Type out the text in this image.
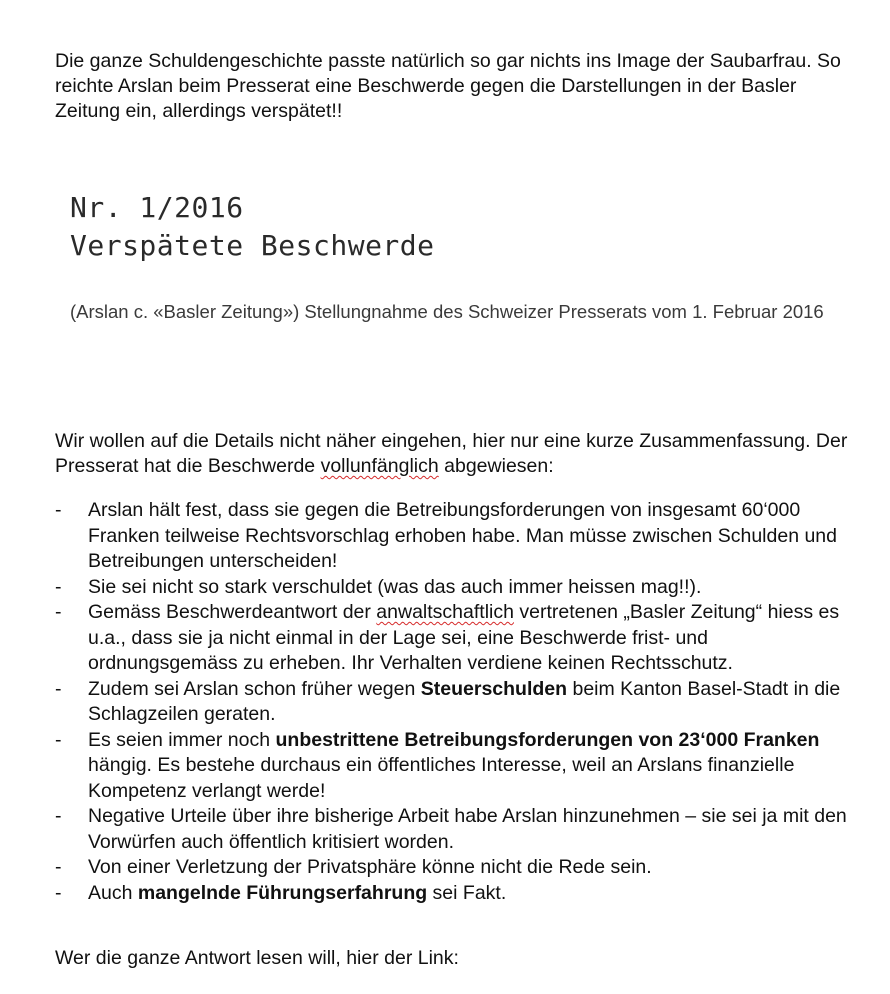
Die ganze Schuldengeschichte passte natürlich so gar nichts ins Image der Saubarfrau. So reichte Arslan beim Presserat eine Beschwerde gegen die Darstellungen in der Basler Zeitung ein, allerdings verspätet!!

Nr. 1/2016
Verspätete Beschwerde

(Arslan c. «Basler Zeitung») Stellungnahme des Schweizer Presserats vom 1. Februar 2016

Wir wollen auf die Details nicht näher eingehen, hier nur eine kurze Zusammenfassung. Der Presserat hat die Beschwerde vollunfänglich abgewiesen:

- Arslan hält fest, dass sie gegen die Betreibungsforderungen von insgesamt 60‘000 Franken teilweise Rechtsvorschlag erhoben habe. Man müsse zwischen Schulden und Betreibungen unterscheiden!
- Sie sei nicht so stark verschuldet (was das auch immer heissen mag!!).
- Gemäss Beschwerdeantwort der anwaltschaftlich vertretenen „Basler Zeitung“ hiess es u.a., dass sie ja nicht einmal in der Lage sei, eine Beschwerde frist- und ordnungsgemäss zu erheben. Ihr Verhalten verdiene keinen Rechtsschutz.
- Zudem sei Arslan schon früher wegen Steuerschulden beim Kanton Basel-Stadt in die Schlagzeilen geraten.
- Es seien immer noch unbestrittene Betreibungsforderungen von 23‘000 Franken hängig. Es bestehe durchaus ein öffentliches Interesse, weil an Arslans finanzielle Kompetenz verlangt werde!
- Negative Urteile über ihre bisherige Arbeit habe Arslan hinzunehmen – sie sei ja mit den Vorwürfen auch öffentlich kritisiert worden.
- Von einer Verletzung der Privatsphäre könne nicht die Rede sein.
- Auch mangelnde Führungserfahrung sei Fakt.

Wer die ganze Antwort lesen will, hier der Link:
